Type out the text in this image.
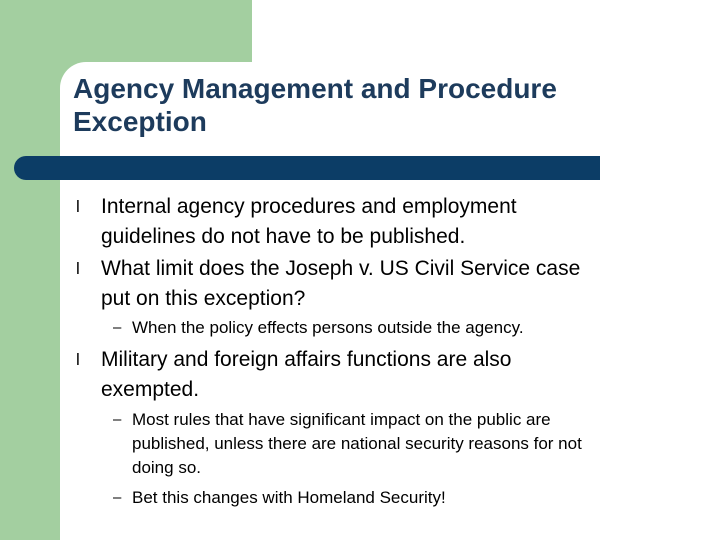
Agency Management and Procedure
Exception
l Internal agency procedures and employment
guidelines do not have to be published.
l What limit does the Joseph v. US Civil Service case
put on this exception?
– When the policy effects persons outside the agency.
l Military and foreign affairs functions are also
exempted.
– Most rules that have significant impact on the public are
published, unless there are national security reasons for not
doing so.
– Bet this changes with Homeland Security!
